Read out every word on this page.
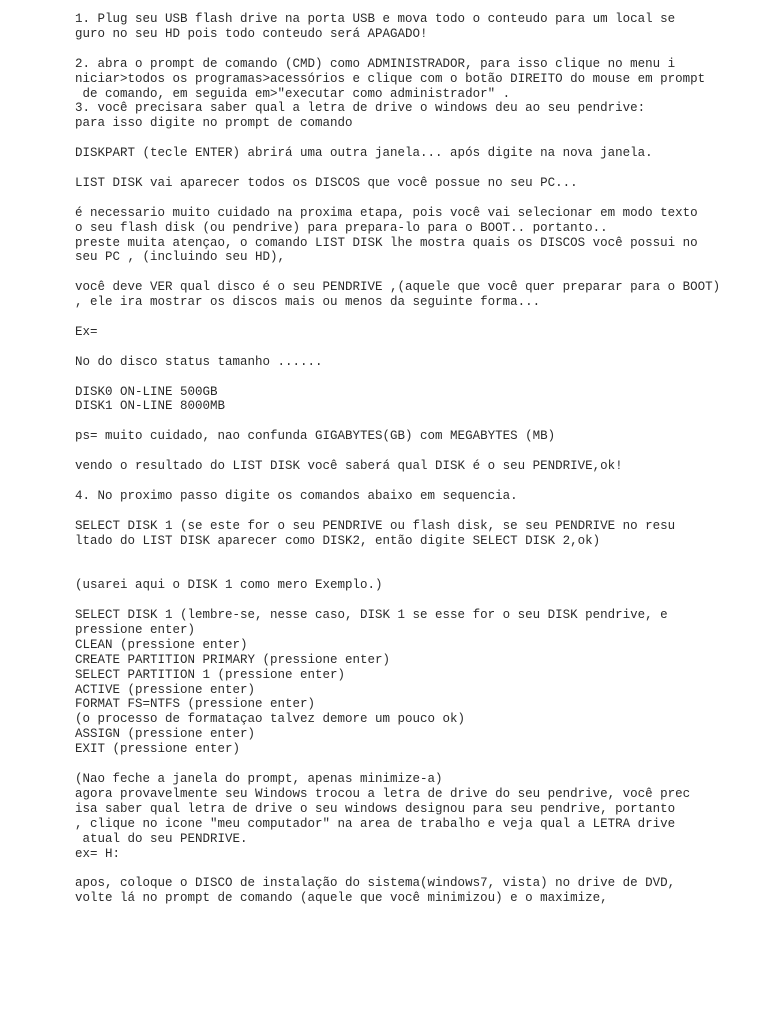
1. Plug seu USB flash drive na porta USB e mova todo o conteudo para um local se
guro no seu HD pois todo conteudo será APAGADO!
2. abra o prompt de comando (CMD) como ADMINISTRADOR, para isso clique no menu i
niciar>todos os programas>acessórios e clique com o botão DIREITO do mouse em prompt
de comando, em seguida em>"executar como administrador" .
3. você precisara saber qual a letra de drive o windows deu ao seu pendrive:
para isso digite no prompt de comando
DISKPART (tecle ENTER) abrirá uma outra janela... após digite na nova janela.
LIST DISK vai aparecer todos os DISCOS que você possue no seu PC...
é necessario muito cuidado na proxima etapa, pois você vai selecionar em modo texto
o seu flash disk (ou pendrive) para prepara-lo para o BOOT.. portanto..
preste muita atençao, o comando LIST DISK lhe mostra quais os DISCOS você possui no
seu PC , (incluindo seu HD),
você deve VER qual disco é o seu PENDRIVE ,(aquele que você quer preparar para o BOOT)
, ele ira mostrar os discos mais ou menos da seguinte forma...
Ex=
No do disco status tamanho ......
DISK0 ON-LINE 500GB
DISK1 ON-LINE 8000MB
ps= muito cuidado, nao confunda GIGABYTES(GB) com MEGABYTES (MB)
vendo o resultado do LIST DISK você saberá qual DISK é o seu PENDRIVE,ok!
4. No proximo passo digite os comandos abaixo em sequencia.
SELECT DISK 1 (se este for o seu PENDRIVE ou flash disk, se seu PENDRIVE no resu
ltado do LIST DISK aparecer como DISK2, então digite SELECT DISK 2,ok)
(usarei aqui o DISK 1 como mero Exemplo.)
SELECT DISK 1 (lembre-se, nesse caso, DISK 1 se esse for o seu DISK pendrive, e
pressione enter)
CLEAN (pressione enter)
CREATE PARTITION PRIMARY (pressione enter)
SELECT PARTITION 1 (pressione enter)
ACTIVE (pressione enter)
FORMAT FS=NTFS (pressione enter)
(o processo de formataçao talvez demore um pouco ok)
ASSIGN (pressione enter)
EXIT (pressione enter)
(Nao feche a janela do prompt, apenas minimize-a)
agora provavelmente seu Windows trocou a letra de drive do seu pendrive, você prec
isa saber qual letra de drive o seu windows designou para seu pendrive, portanto
, clique no icone "meu computador" na area de trabalho e veja qual a LETRA drive
atual do seu PENDRIVE.
ex= H:
apos, coloque o DISCO de instalação do sistema(windows7, vista) no drive de DVD,
volte lá no prompt de comando (aquele que você minimizou) e o maximize,
